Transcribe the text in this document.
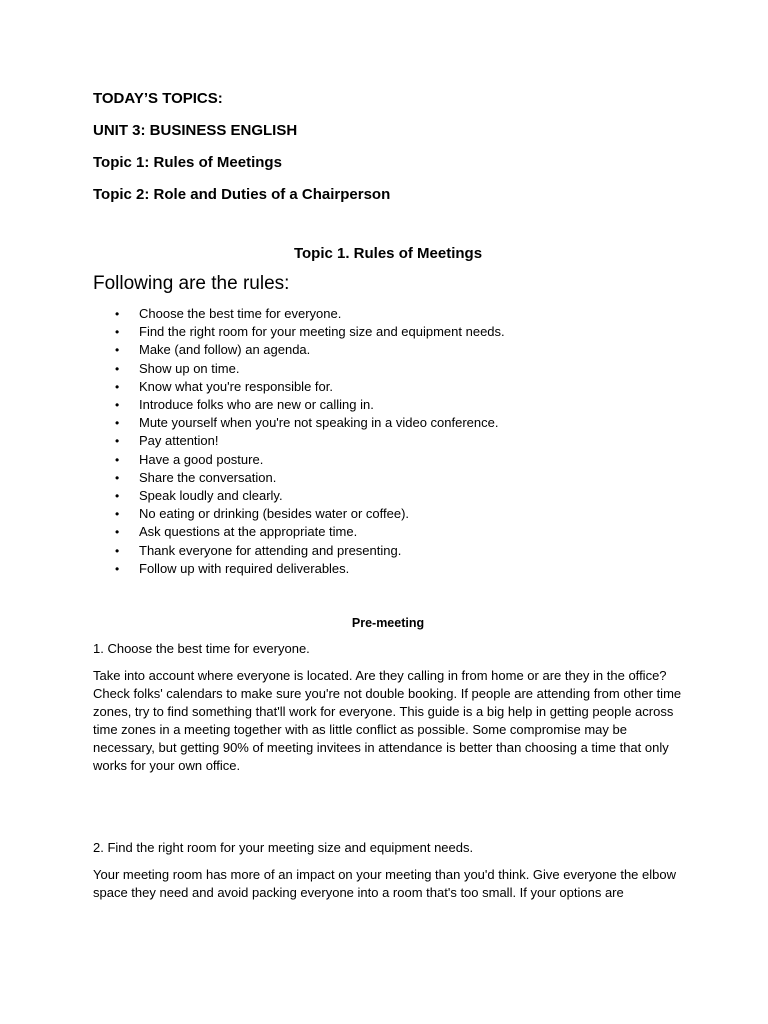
TODAY’S TOPICS:
UNIT 3: BUSINESS ENGLISH
Topic 1: Rules of Meetings
Topic 2: Role and Duties of a Chairperson
Topic 1. Rules of Meetings
Following are the rules:
• Choose the best time for everyone.
• Find the right room for your meeting size and equipment needs.
• Make (and follow) an agenda.
• Show up on time.
• Know what you're responsible for.
• Introduce folks who are new or calling in.
• Mute yourself when you're not speaking in a video conference.
• Pay attention!
• Have a good posture.
• Share the conversation.
• Speak loudly and clearly.
• No eating or drinking (besides water or coffee).
• Ask questions at the appropriate time.
• Thank everyone for attending and presenting.
• Follow up with required deliverables.
Pre-meeting
1. Choose the best time for everyone.
Take into account where everyone is located. Are they calling in from home or are they in the office? Check folks' calendars to make sure you're not double booking. If people are attending from other time zones, try to find something that'll work for everyone. This guide is a big help in getting people across time zones in a meeting together with as little conflict as possible. Some compromise may be necessary, but getting 90% of meeting invitees in attendance is better than choosing a time that only works for your own office.
2. Find the right room for your meeting size and equipment needs.
Your meeting room has more of an impact on your meeting than you'd think. Give everyone the elbow space they need and avoid packing everyone into a room that's too small. If your options are
